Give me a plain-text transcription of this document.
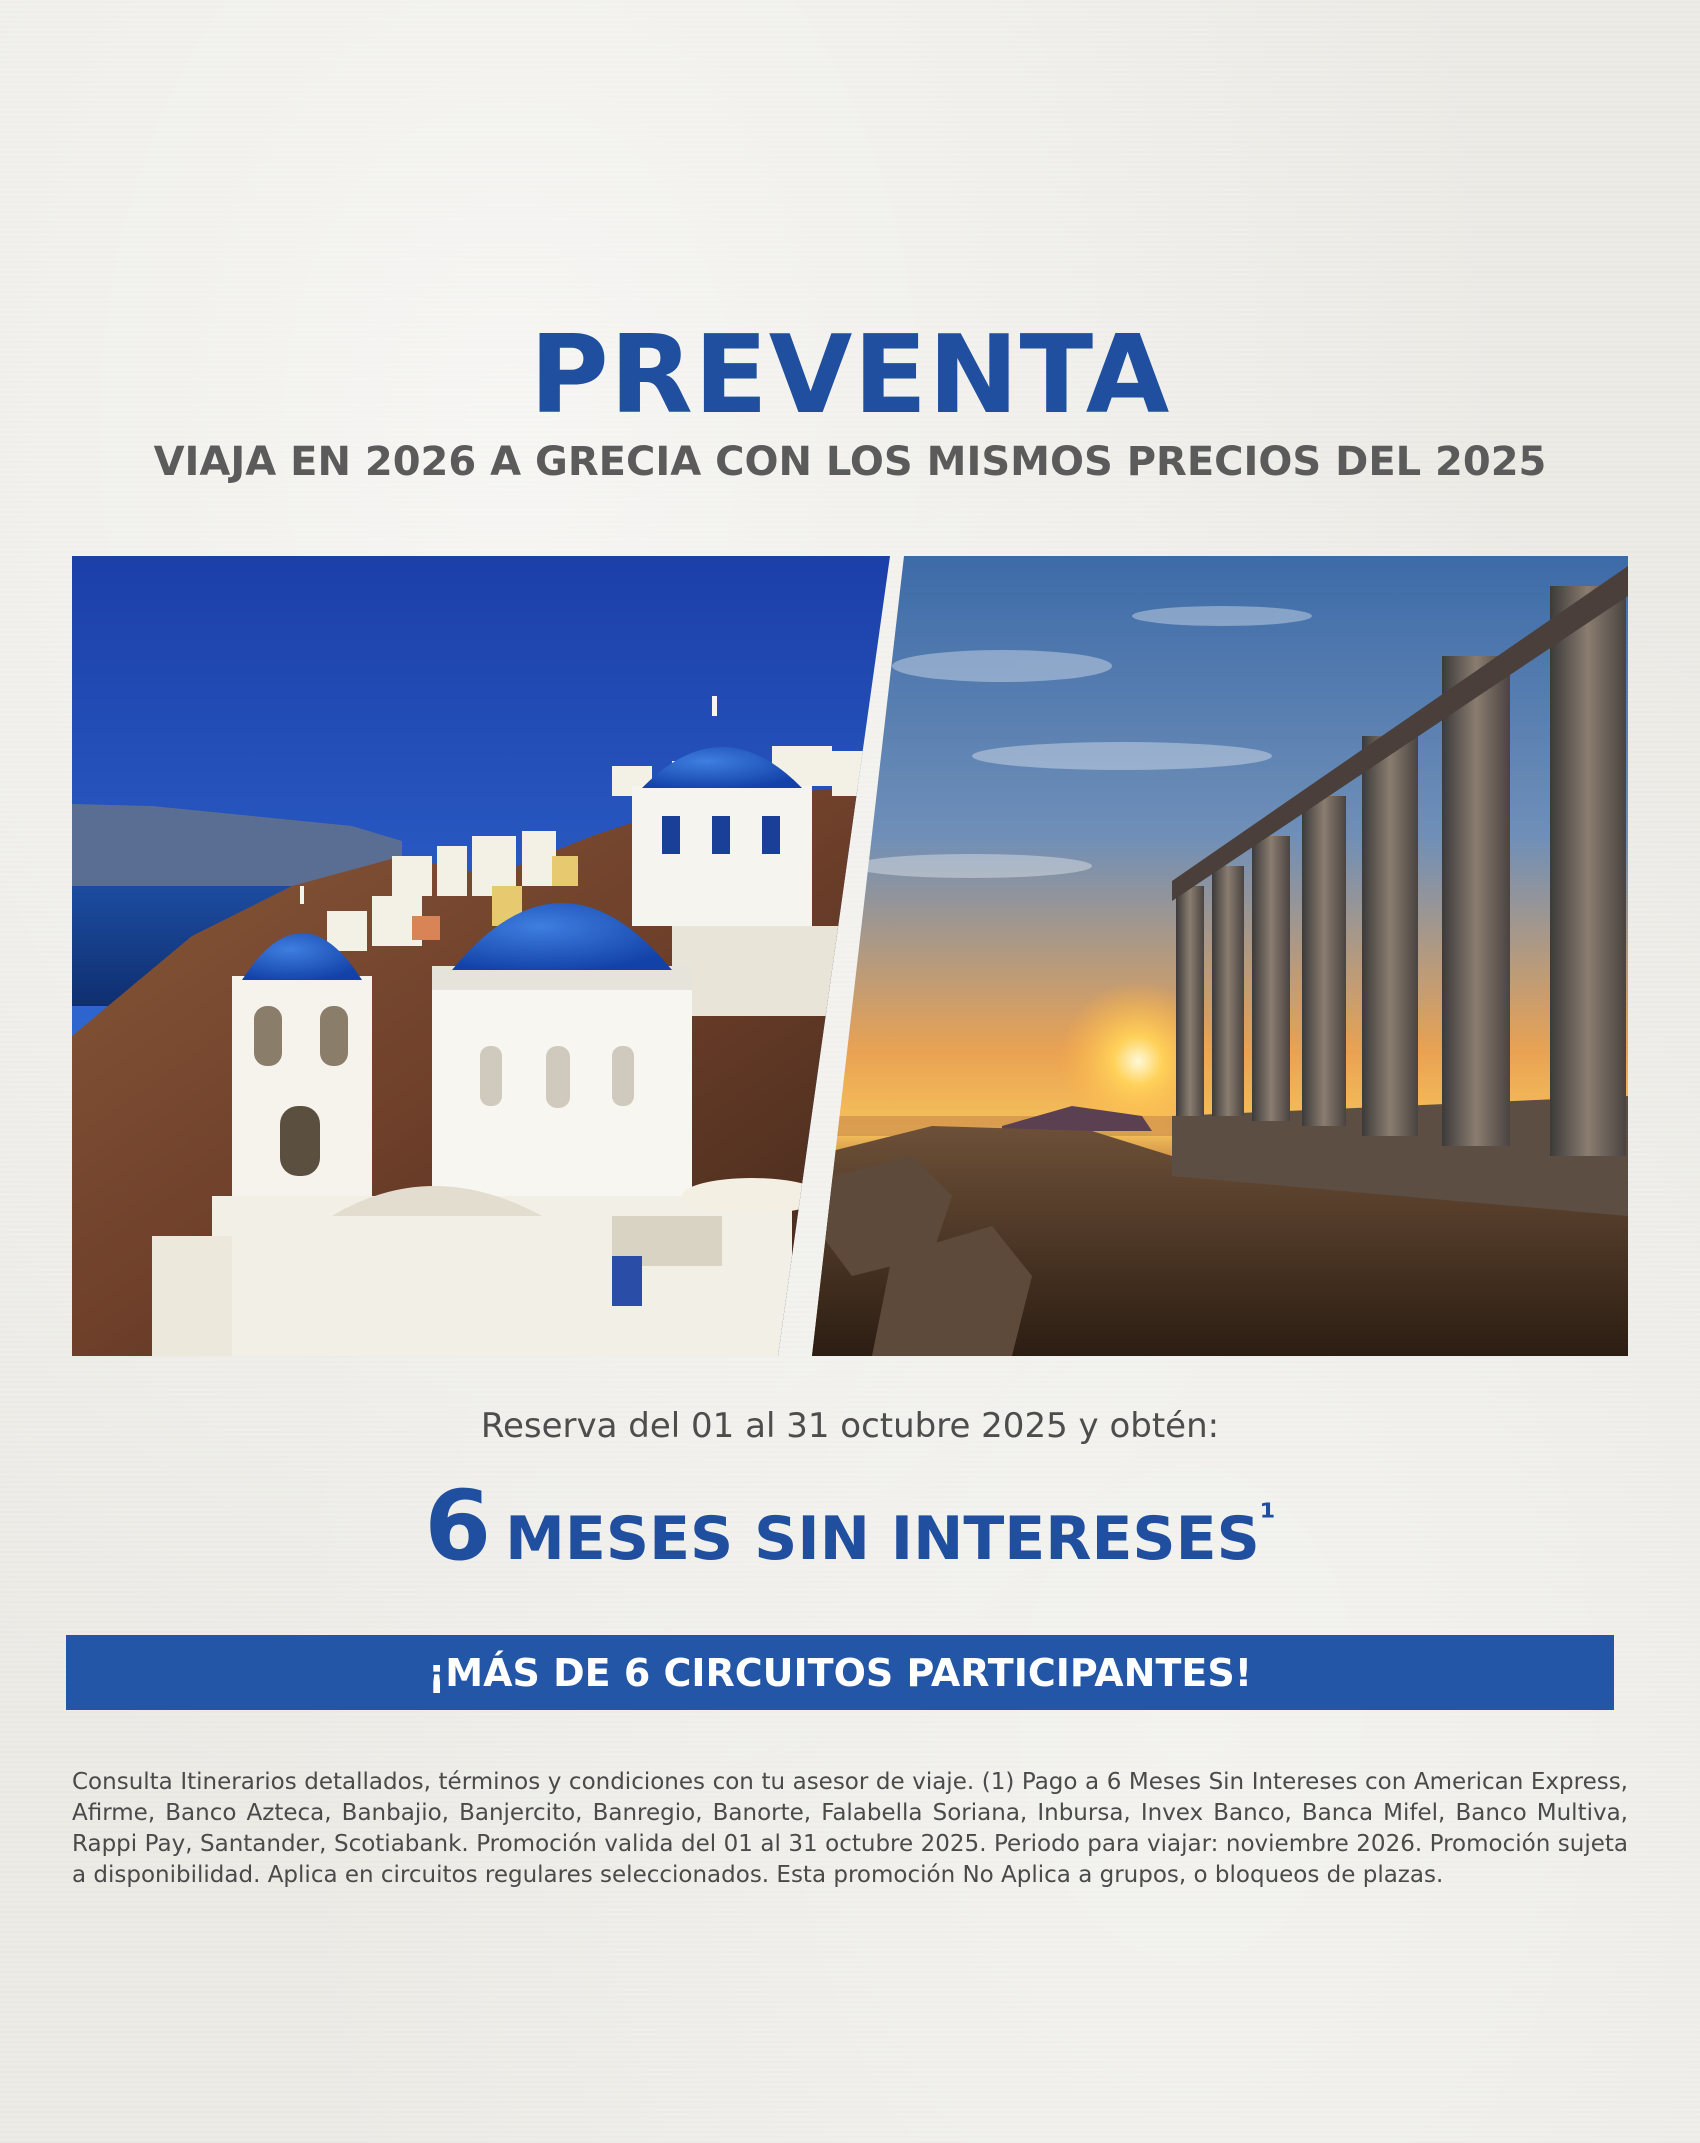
PREVENTA
VIAJA EN 2026 A GRECIA CON LOS MISMOS PRECIOS DEL 2025

Reserva del 01 al 31 octubre 2025 y obtén:

6 MESES SIN INTERESES¹

¡MÁS DE 6 CIRCUITOS PARTICIPANTES!

Consulta Itinerarios detallados, términos y condiciones con tu asesor de viaje. (1) Pago a 6 Meses Sin Intereses con American Express, Afirme, Banco Azteca, Banbajio, Banjercito, Banregio, Banorte, Falabella Soriana, Inbursa, Invex Banco, Banca Mifel, Banco Multiva, Rappi Pay, Santander, Scotiabank. Promoción valida del 01 al 31 octubre 2025. Periodo para viajar: noviembre 2026. Promoción sujeta a disponibilidad. Aplica en circuitos regulares seleccionados. Esta promoción No Aplica a grupos, o bloqueos de plazas.
